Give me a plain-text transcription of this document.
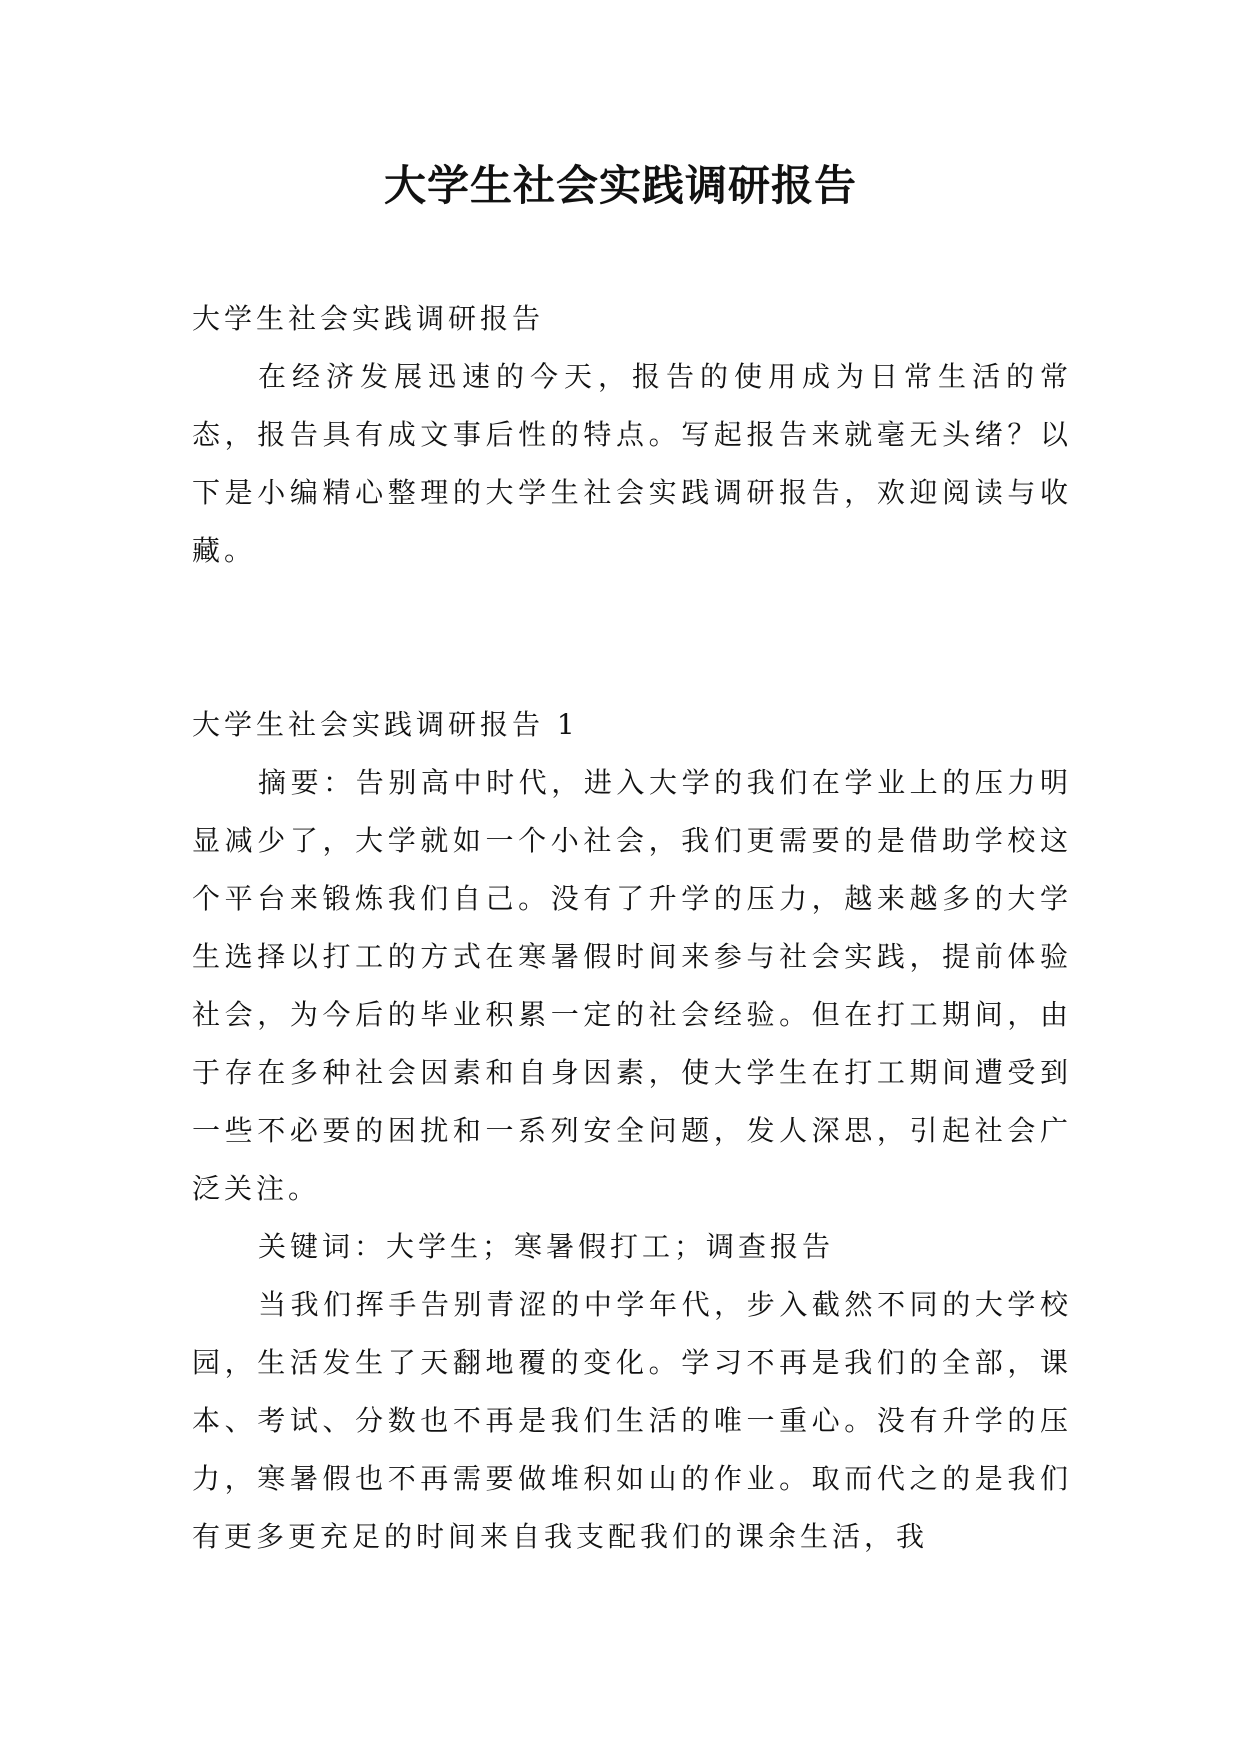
大学生社会实践调研报告

大学生社会实践调研报告

在经济发展迅速的今天，报告的使用成为日常生活的常态，报告具有成文事后性的特点。写起报告来就毫无头绪？以下是小编精心整理的大学生社会实践调研报告，欢迎阅读与收藏。

大学生社会实践调研报告 1

摘要：告别高中时代，进入大学的我们在学业上的压力明显减少了，大学就如一个小社会，我们更需要的是借助学校这个平台来锻炼我们自己。没有了升学的压力，越来越多的大学生选择以打工的方式在寒暑假时间来参与社会实践，提前体验社会，为今后的毕业积累一定的社会经验。但在打工期间，由于存在多种社会因素和自身因素，使大学生在打工期间遭受到一些不必要的困扰和一系列安全问题，发人深思，引起社会广泛关注。

关键词：大学生；寒暑假打工；调查报告

当我们挥手告别青涩的中学年代，步入截然不同的大学校园，生活发生了天翻地覆的变化。学习不再是我们的全部，课本、考试、分数也不再是我们生活的唯一重心。没有升学的压力，寒暑假也不再需要做堆积如山的作业。取而代之的是我们有更多更充足的时间来自我支配我们的课余生活，我
